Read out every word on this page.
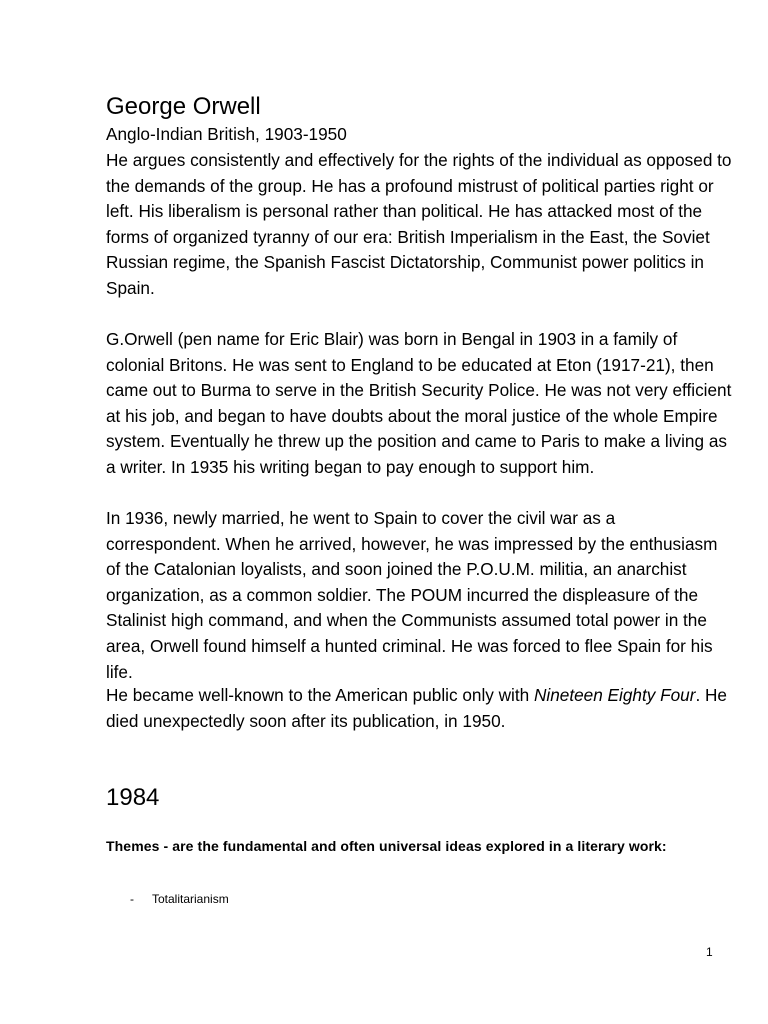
George Orwell

Anglo-Indian British, 1903-1950

He argues consistently and effectively for the rights of the individual as opposed to the demands of the group. He has a profound mistrust of political parties right or left. His liberalism is personal rather than political. He has attacked most of the forms of organized tyranny of our era: British Imperialism in the East, the Soviet Russian regime, the Spanish Fascist Dictatorship, Communist power politics in Spain.

G.Orwell (pen name for Eric Blair) was born in Bengal in 1903 in a family of colonial Britons. He was sent to England to be educated at Eton (1917-21), then came out to Burma to serve in the British Security Police. He was not very efficient at his job, and began to have doubts about the moral justice of the whole Empire system. Eventually he threw up the position and came to Paris to make a living as a writer. In 1935 his writing began to pay enough to support him.

In 1936, newly married, he went to Spain to cover the civil war as a correspondent. When he arrived, however, he was impressed by the enthusiasm of the Catalonian loyalists, and soon joined the P.O.U.M. militia, an anarchist organization, as a common soldier. The POUM incurred the displeasure of the Stalinist high command, and when the Communists assumed total power in the area, Orwell found himself a hunted criminal. He was forced to flee Spain for his life.

He became well-known to the American public only with Nineteen Eighty Four. He died unexpectedly soon after its publication, in 1950.

1984

Themes - are the fundamental and often universal ideas explored in a literary work:

- Totalitarianism
1
